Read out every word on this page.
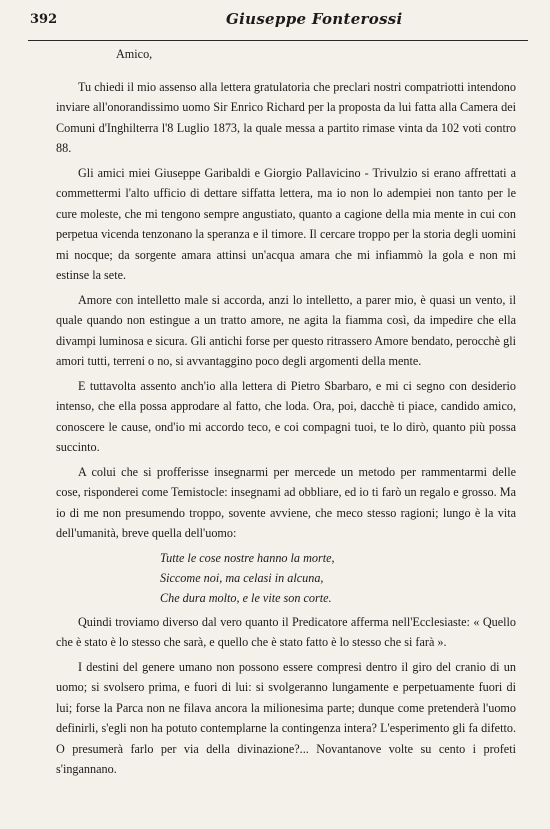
392	Giuseppe Fonterossi

Amico,

Tu chiedi il mio assenso alla lettera gratulatoria che preclari nostri compatriotti intendono inviare all'onorandissimo uomo Sir Enrico Richard per la proposta da lui fatta alla Camera dei Comuni d'Inghilterra l'8 Luglio 1873, la quale messa a partito rimase vinta da 102 voti contro 88.

Gli amici miei Giuseppe Garibaldi e Giorgio Pallavicino - Trivulzio si erano affrettati a commettermi l'alto ufficio di dettare siffatta lettera, ma io non lo adempiei non tanto per le cure moleste, che mi tengono sempre angustiato, quanto a cagione della mia mente in cui con perpetua vicenda tenzonano la speranza e il timore. Il cercare troppo per la storia degli uomini mi nocque; da sorgente amara attinsi un'acqua amara che mi infiammò la gola e non mi estinse la sete.

Amore con intelletto male si accorda, anzi lo intelletto, a parer mio, è quasi un vento, il quale quando non estingue a un tratto amore, ne agita la fiamma così, da impedire che ella divampi luminosa e sicura. Gli antichi forse per questo ritrassero Amore bendato, perocchè gli amori tutti, terreni o no, si avvantaggino poco degli argomenti della mente.

E tuttavolta assento anch'io alla lettera di Pietro Sbarbaro, e mi ci segno con desiderio intenso, che ella possa approdare al fatto, che loda. Ora, poi, dacchè ti piace, candido amico, conoscere le cause, ond'io mi accordo teco, e coi compagni tuoi, te lo dirò, quanto più possa succinto.

A colui che si profferisse insegnarmi per mercede un metodo per rammentarmi delle cose, risponderei come Temistocle: insegnami ad obbliare, ed io ti farò un regalo e grosso. Ma io di me non presumendo troppo, sovente avviene, che meco stesso ragioni; lungo è la vita dell'umanità, breve quella dell'uomo:

Tutte le cose nostre hanno la morte,
Siccome noi, ma celasi in alcuna,
Che dura molto, e le vite son corte.

Quindi troviamo diverso dal vero quanto il Predicatore afferma nell'Ecclesiaste: « Quello che è stato è lo stesso che sarà, e quello che è stato fatto è lo stesso che si farà ».

I destini del genere umano non possono essere compresi dentro il giro del cranio di un uomo; si svolsero prima, e fuori di lui: si svolgeranno lungamente e perpetuamente fuori di lui; forse la Parca non ne filava ancora la milionesima parte; dunque come pretenderà l'uomo definirli, s'egli non ha potuto contemplarne la contingenza intera? L'esperimento gli fa difetto. O presumerà farlo per via della divinazione?... Novantanove volte su cento i profeti s'ingannano.
